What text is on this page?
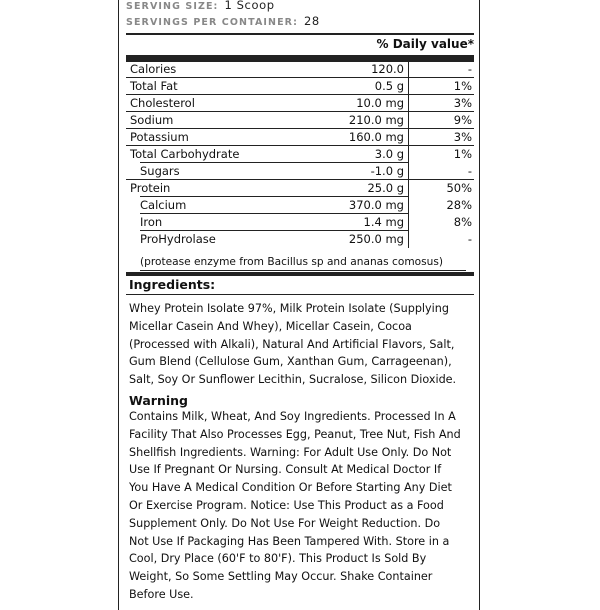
SERVING SIZE: 1 Scoop
SERVINGS PER CONTAINER: 28
% Daily value*
Calories	120.0	-
Total Fat	0.5 g	1%
Cholesterol	10.0 mg	3%
Sodium	210.0 mg	9%
Potassium	160.0 mg	3%
Total Carbohydrate	3.0 g	1%
Sugars	-1.0 g	-
Protein	25.0 g	50%
Calcium	370.0 mg	28%
Iron	1.4 mg	8%
ProHydrolase	250.0 mg	-
(protease enzyme from Bacillus sp and ananas comosus)
Ingredients:
Whey Protein Isolate 97%, Milk Protein Isolate (Supplying
Micellar Casein And Whey), Micellar Casein, Cocoa
(Processed with Alkali), Natural And Artificial Flavors, Salt,
Gum Blend (Cellulose Gum, Xanthan Gum, Carrageenan),
Salt, Soy Or Sunflower Lecithin, Sucralose, Silicon Dioxide.
Warning
Contains Milk, Wheat, And Soy Ingredients. Processed In A
Facility That Also Processes Egg, Peanut, Tree Nut, Fish And
Shellfish Ingredients. Warning: For Adult Use Only. Do Not
Use If Pregnant Or Nursing. Consult At Medical Doctor If
You Have A Medical Condition Or Before Starting Any Diet
Or Exercise Program. Notice: Use This Product as a Food
Supplement Only. Do Not Use For Weight Reduction. Do
Not Use If Packaging Has Been Tampered With. Store in a
Cool, Dry Place (60'F to 80'F). This Product Is Sold By
Weight, So Some Settling May Occur. Shake Container
Before Use.
